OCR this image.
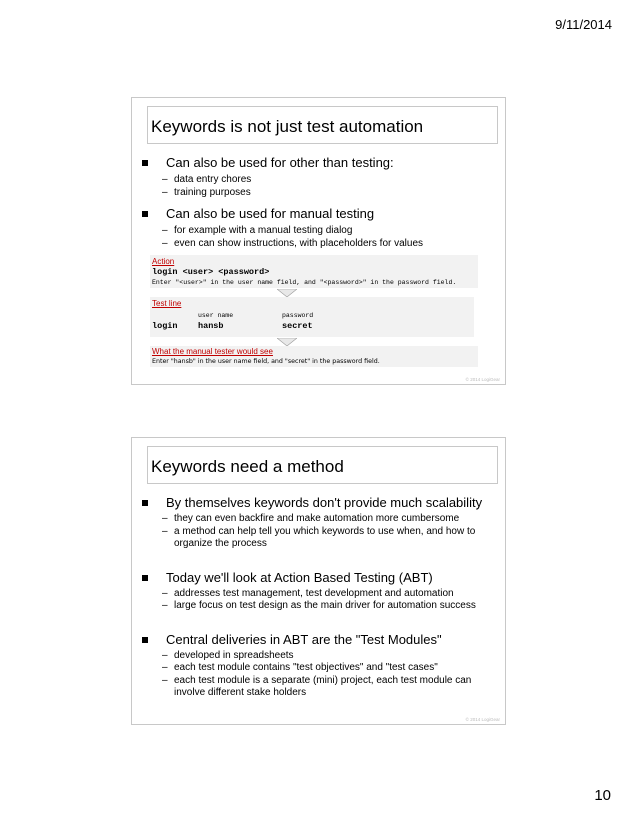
9/11/2014
Keywords is not just test automation
Can also be used for other than testing:
– data entry chores
– training purposes
Can also be used for manual testing
– for example with a manual testing dialog
– even can show instructions, with placeholders for values
Action
login <user> <password>
Enter "<user>" in the user name field, and "<password>" in the password field.
Test line
user name	password
login hansb	secret
What the manual tester would see
Enter "hansb" in the user name field, and "secret" in the password field.
© 2014 LogiGear
Keywords need a method
By themselves keywords don't provide much scalability
– they can even backfire and make automation more cumbersome
– a method can help tell you which keywords to use when, and how to organize the process
Today we'll look at Action Based Testing (ABT)
– addresses test management, test development and automation
– large focus on test design as the main driver for automation success
Central deliveries in ABT are the "Test Modules"
– developed in spreadsheets
– each test module contains "test objectives" and "test cases"
– each test module is a separate (mini) project, each test module can involve different stake holders
© 2014 LogiGear
10
